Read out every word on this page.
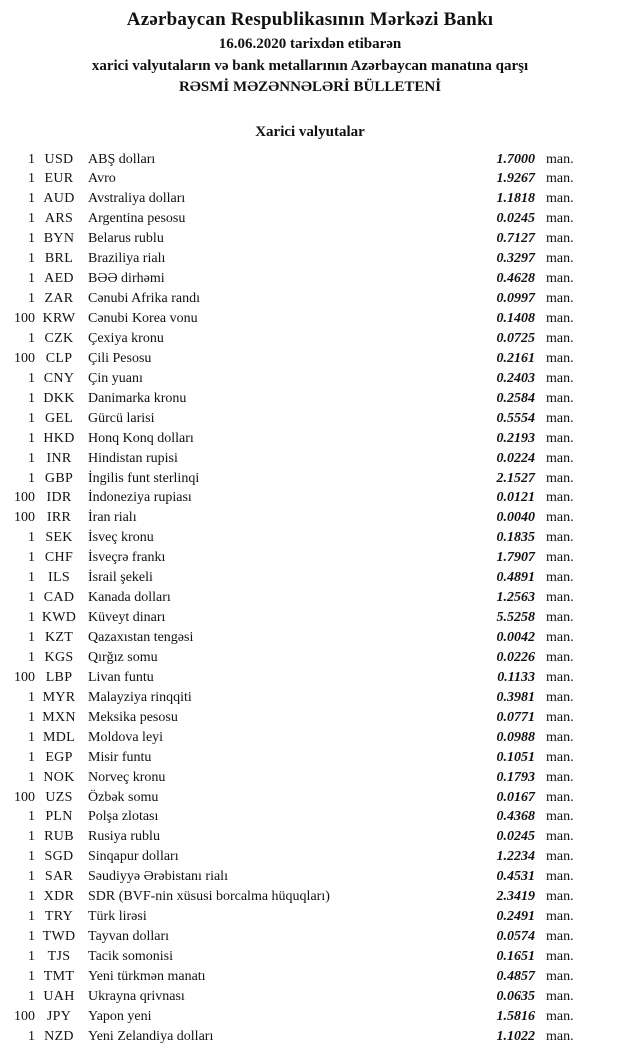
Azərbaycan Respublikasının Mərkəzi Bankı
16.06.2020 tarixdən etibarən
xarici valyutaların və bank metallarının Azərbaycan manatına qarşı
RƏSMİ MƏZƏNNƏLƏRİ BÜLLETENİ
Xarici valyutalar
1 USD	ABŞ dolları	1.7000 man.
1 EUR	Avro	1.9267 man.
1 AUD Avstraliya dolları	1.1818 man.
1 ARS	Argentina pesosu	0.0245 man.
1 BYN Belarus rublu	0.7127 man.
1 BRL	Braziliya rialı	0.3297 man.
1 AED	BƏƏ dirhəmi	0.4628 man.
1 ZAR	Cənubi Afrika randı	0.0997 man.
100 KRW Cənubi Korea vonu	0.1408 man.
1 CZK	Çexiya kronu	0.0725 man.
100 CLP	Çili Pesosu	0.2161 man.
1 CNY Çin yuanı	0.2403 man.
1 DKK Danimarka kronu	0.2584 man.
1 GEL	Gürcü larisi	0.5554 man.
1 HKD Honq Konq dolları	0.2193 man.
1 INR	Hindistan rupisi	0.0224 man.
1 GBP	İngilis funt sterlinqi	2.1527 man.
100 IDR	İndoneziya rupiası	0.0121 man.
100 IRR	İran rialı	0.0040 man.
1 SEK	İsveç kronu	0.1835 man.
1 CHF	İsveçrə frankı	1.7907 man.
1 ILS	İsrail şekeli	0.4891 man.
1 CAD Kanada dolları	1.2563 man.
1 KWD Küveyt dinarı	5.5258 man.
1 KZT	Qazaxıstan tengəsi	0.0042 man.
1 KGS	Qırğız somu	0.0226 man.
100 LBP	Livan funtu	0.1133 man.
1 MYR Malayziya rinqqiti	0.3981 man.
1 MXN Meksika pesosu	0.0771 man.
1 MDL Moldova leyi	0.0988 man.
1 EGP	Misir funtu	0.1051 man.
1 NOK Norveç kronu	0.1793 man.
100 UZS	Özbək somu	0.0167 man.
1 PLN	Polşa zlotası	0.4368 man.
1 RUB	Rusiya rublu	0.0245 man.
1 SGD	Sinqapur dolları	1.2234 man.
1 SAR	Səudiyyə Ərəbistanı rialı	0.4531 man.
1 XDR SDR (BVF-nin xüsusi borcalma hüquqları)	2.3419 man.
1 TRY	Türk lirəsi	0.2491 man.
1 TWD Tayvan dolları	0.0574 man.
1 TJS	Tacik somonisi	0.1651 man.
1 TMT Yeni türkmən manatı	0.4857 man.
1 UAH Ukrayna qrivnası	0.0635 man.
100 JPY	Yapon yeni	1.5816 man.
1 NZD	Yeni Zelandiya dolları	1.1022 man.
